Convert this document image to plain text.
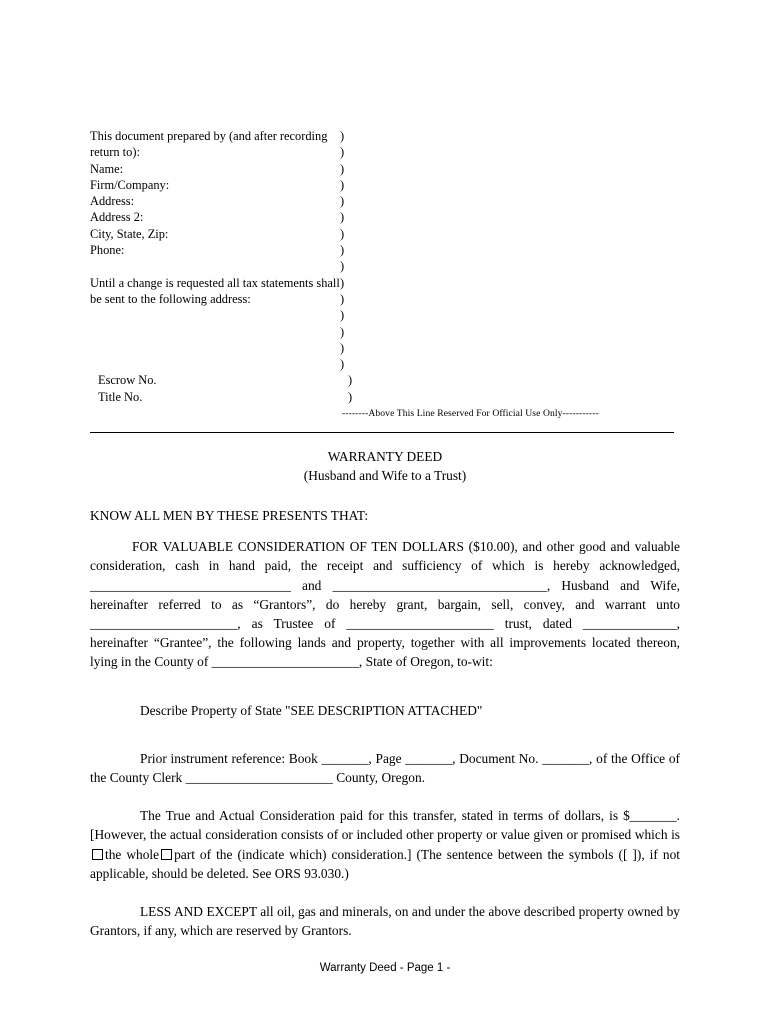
This document prepared by (and after recording	)
return to):	)
Name:	)
Firm/Company:	)
Address:	)
Address 2:	)
City, State, Zip:	)
Phone:	)
)
Until a change is requested all tax statements shall )
be sent to the following address:	)
)
)
)
)
Escrow No.	)
Title No.	)
--------Above This Line Reserved For Official Use Only-----------
WARRANTY DEED
(Husband and Wife to a Trust)

KNOW ALL MEN BY THESE PRESENTS THAT:

FOR VALUABLE CONSIDERATION OF TEN DOLLARS ($10.00), and other good and valuable consideration, cash in hand paid, the receipt and sufficiency of which is hereby acknowledged, ______________________________ and ________________________________, Husband and Wife, hereinafter referred to as “Grantors”, do hereby grant, bargain, sell, convey, and warrant unto ______________________, as Trustee of ______________________ trust, dated ______________, hereinafter “Grantee”, the following lands and property, together with all improvements located thereon, lying in the County of ______________________, State of Oregon, to-wit:

Describe Property of State "SEE DESCRIPTION ATTACHED"

Prior instrument reference: Book _______, Page _______, Document No. _______, of the Office of the County Clerk ______________________ County, Oregon.

The True and Actual Consideration paid for this transfer, stated in terms of dollars, is $_______. [However, the actual consideration consists of or included other property or value given or promised which isthe whole part of the (indicate which) consideration.] (The sentence between the symbols ([ ]), if not applicable, should be deleted. See ORS 93.030.)

LESS AND EXCEPT all oil, gas and minerals, on and under the above described property owned by Grantors, if any, which are reserved by Grantors.

Warranty Deed - Page 1 -
